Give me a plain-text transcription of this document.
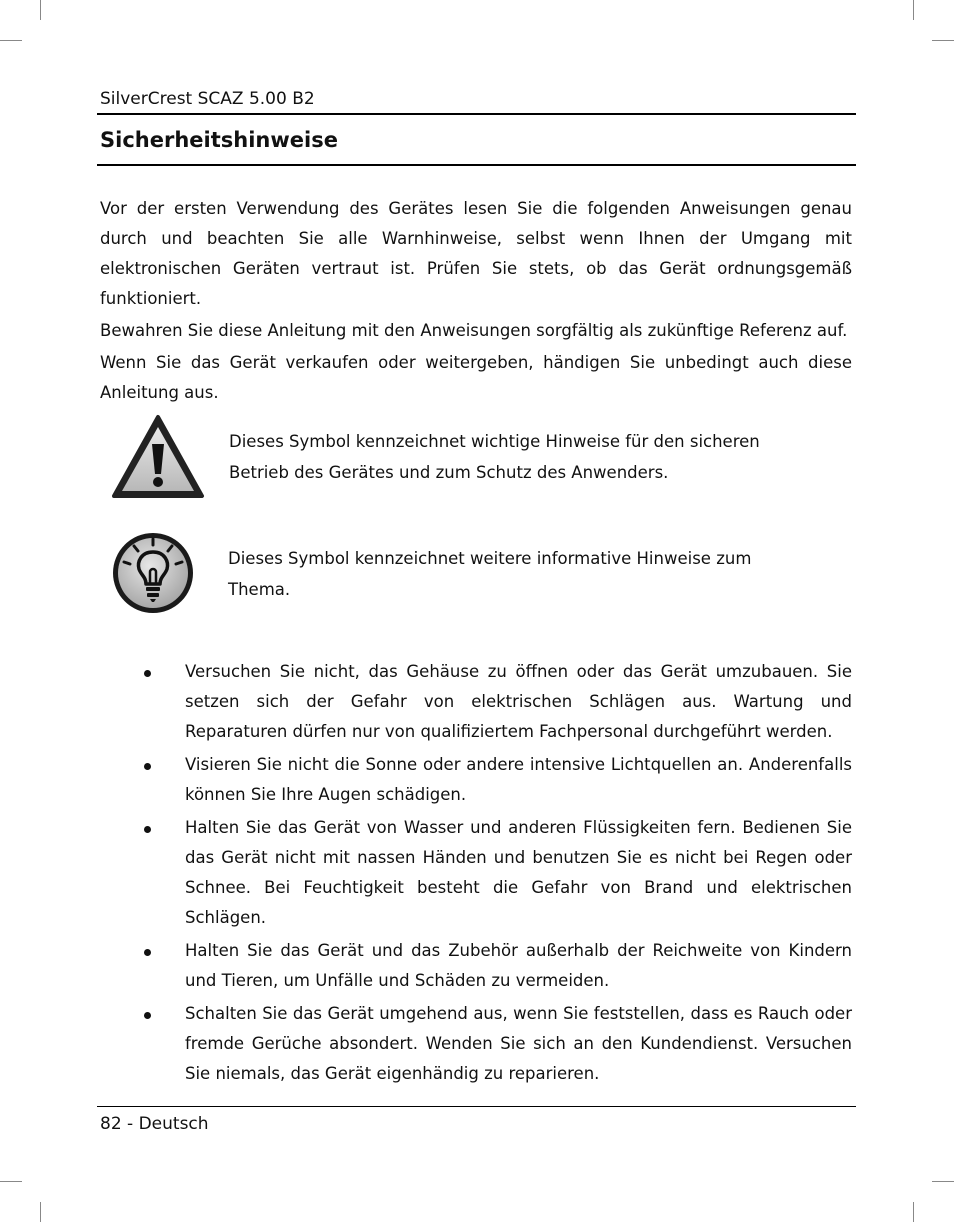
SilverCrest SCAZ 5.00 B2
Sicherheitshinweise

Vor der ersten Verwendung des Gerätes lesen Sie die folgenden Anweisungen genau durch und beachten Sie alle Warnhinweise, selbst wenn Ihnen der Umgang mit elektronischen Geräten vertraut ist. Prüfen Sie stets, ob das Gerät ordnungsgemäß funktioniert.

Bewahren Sie diese Anleitung mit den Anweisungen sorgfältig als zukünftige Referenz auf.

Wenn Sie das Gerät verkaufen oder weitergeben, händigen Sie unbedingt auch diese Anleitung aus.

Dieses Symbol kennzeichnet wichtige Hinweise für den sicheren
Betrieb des Gerätes und zum Schutz des Anwenders.
Dieses Symbol kennzeichnet weitere informative Hinweise zum
Thema.
Versuchen Sie nicht, das Gehäuse zu öffnen oder das Gerät umzubauen. Sie setzen sich der Gefahr von elektrischen Schlägen aus. Wartung und Reparaturen dürfen nur von qualifiziertem Fachpersonal durchgeführt werden.
Visieren Sie nicht die Sonne oder andere intensive Lichtquellen an. Anderenfalls können Sie Ihre Augen schädigen.
Halten Sie das Gerät von Wasser und anderen Flüssigkeiten fern. Bedienen Sie das Gerät nicht mit nassen Händen und benutzen Sie es nicht bei Regen oder Schnee. Bei Feuchtigkeit besteht die Gefahr von Brand und elektrischen Schlägen.
Halten Sie das Gerät und das Zubehör außerhalb der Reichweite von Kindern und Tieren, um Unfälle und Schäden zu vermeiden.
Schalten Sie das Gerät umgehend aus, wenn Sie feststellen, dass es Rauch oder fremde Gerüche absondert. Wenden Sie sich an den Kundendienst. Versuchen Sie niemals, das Gerät eigenhändig zu reparieren.
82 - Deutsch
